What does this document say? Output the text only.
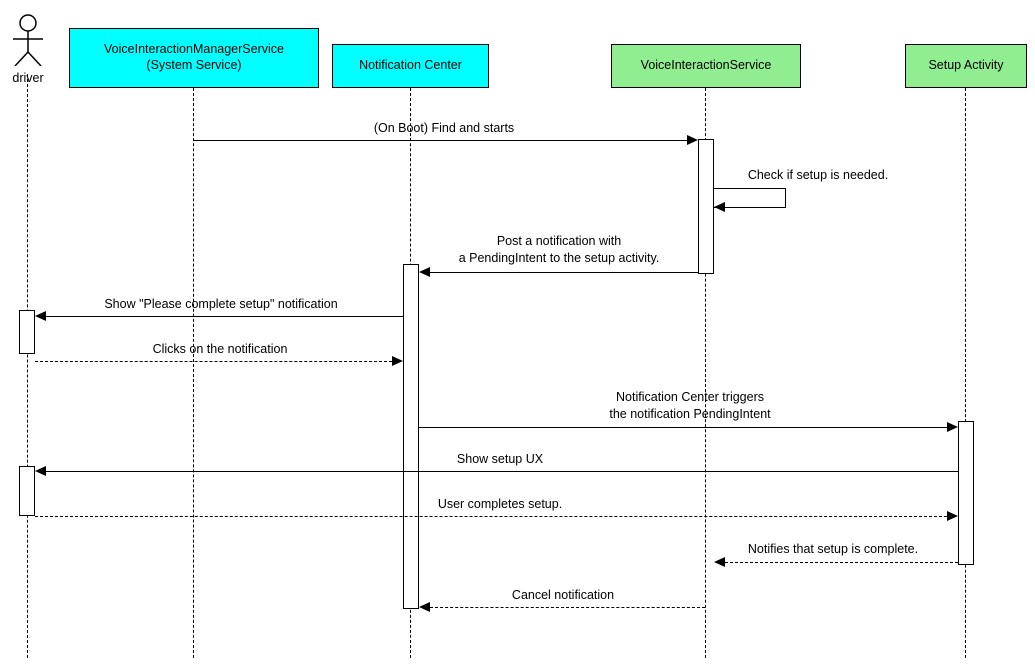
driver
VoiceInteractionManagerService
(System Service)	Notification Center	VoiceInteractionService	Setup Activity
(On Boot) Find and starts
Check if setup is needed.
Post a notification with
a PendingIntent to the setup activity.
Show "Please complete setup" notification
Clicks on the notification
Notification Center triggers
the notification PendingIntent
Show setup UX
User completes setup.
Notifies that setup is complete.
Cancel notification
